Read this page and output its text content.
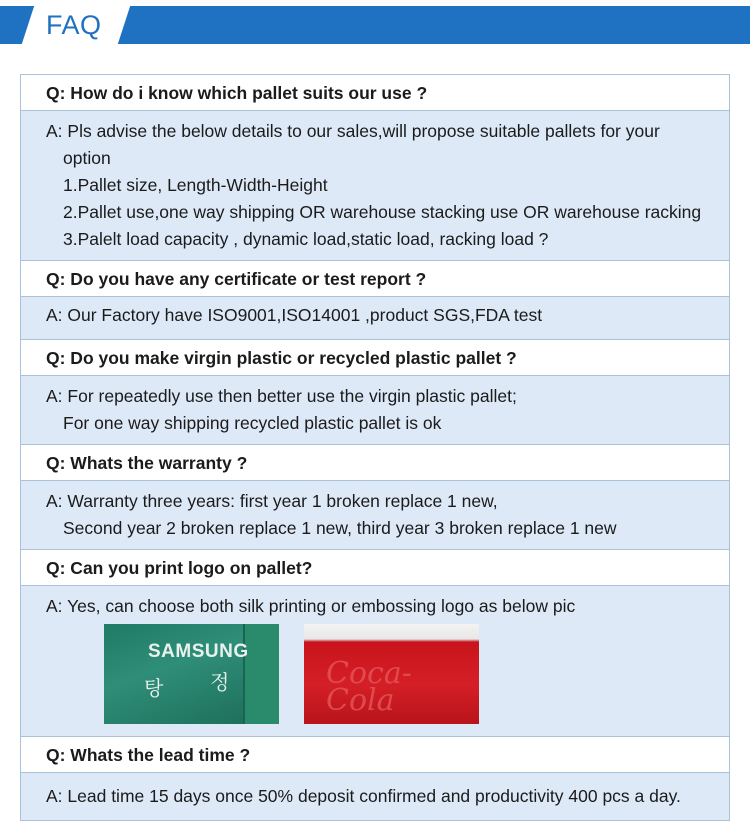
FAQ
Q: How do i know which pallet suits our use ?
A: Pls advise the below details to our sales,will propose suitable pallets for your
option
1.Pallet size, Length-Width-Height
2.Pallet use,one way shipping OR warehouse stacking use OR warehouse racking
3.Palelt load capacity , dynamic load,static load, racking load ?
Q: Do you have any certificate or test report ?
A: Our Factory have ISO9001,ISO14001 ,product SGS,FDA test
Q: Do you make virgin plastic or recycled plastic pallet ?
A: For repeatedly use then better use the virgin plastic pallet;
For one way shipping recycled plastic pallet is ok
Q: Whats the warranty ?
A: Warranty three years: first year 1 broken replace 1 new,
Second year 2 broken replace 1 new, third year 3 broken replace 1 new
Q: Can you print logo on pallet?
A: Yes, can choose both silk printing or embossing logo as below pic
SAMSUNG
탕 정	Coca-Cola
Q: Whats the lead time ?
A: Lead time 15 days once 50% deposit confirmed and productivity 400 pcs a day.
